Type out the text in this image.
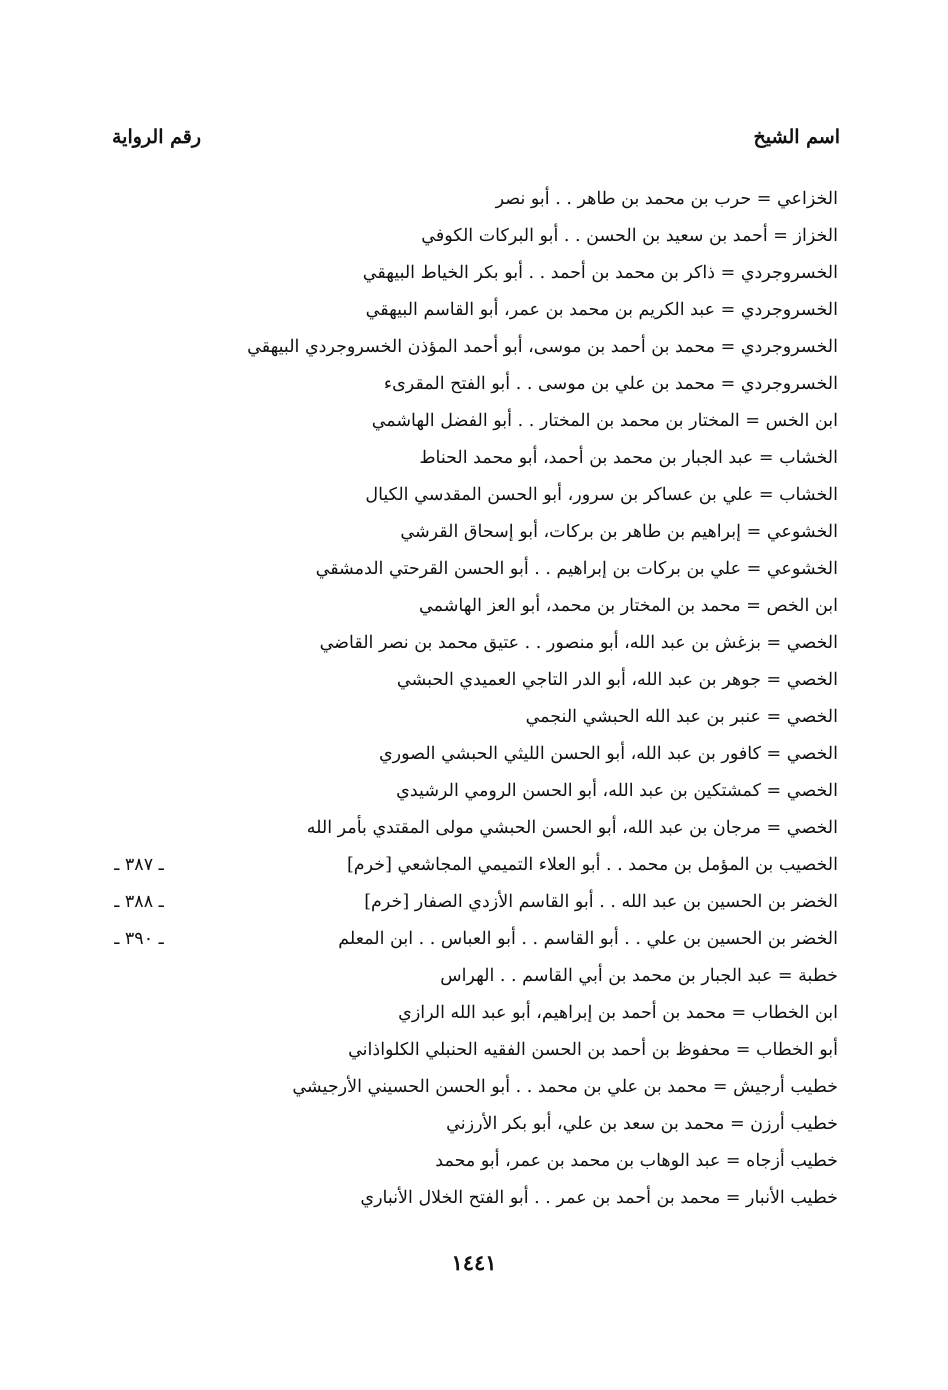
اسم الشيخ
رقم الرواية
الخزاعي = حرب بن محمد بن طاهر . . أبو نصر
الخزاز = أحمد بن سعيد بن الحسن . . أبو البركات الكوفي
الخسروجردي = ذاكر بن محمد بن أحمد . . أبو بكر الخياط البيهقي
الخسروجردي = عبد الكريم بن محمد بن عمر، أبو القاسم البيهقي
الخسروجردي = محمد بن أحمد بن موسى، أبو أحمد المؤذن الخسروجردي البيهقي
الخسروجردي = محمد بن علي بن موسى . . أبو الفتح المقرىء
ابن الخس = المختار بن محمد بن المختار . . أبو الفضل الهاشمي
الخشاب = عبد الجبار بن محمد بن أحمد، أبو محمد الحناط
الخشاب = علي بن عساكر بن سرور، أبو الحسن المقدسي الكيال
الخشوعي = إبراهيم بن طاهر بن بركات، أبو إسحاق القرشي
الخشوعي = علي بن بركات بن إبراهيم . . أبو الحسن القرحتي الدمشقي
ابن الخص = محمد بن المختار بن محمد، أبو العز الهاشمي
الخصي = بزغش بن عبد الله، أبو منصور . . عتيق محمد بن نصر القاضي
الخصي = جوهر بن عبد الله، أبو الدر التاجي العميدي الحبشي
الخصي = عنبر بن عبد الله الحبشي النجمي
الخصي = كافور بن عبد الله، أبو الحسن الليثي الحبشي الصوري
الخصي = كمشتكين بن عبد الله، أبو الحسن الرومي الرشيدي
الخصي = مرجان بن عبد الله، أبو الحسن الحبشي مولى المقتدي بأمر الله
الخصيب بن المؤمل بن محمد . . أبو العلاء التميمي المجاشعي [خرم]
ـ ٣٨٧ ـ
الخضر بن الحسين بن عبد الله . . أبو القاسم الأزدي الصفار [خرم]
ـ ٣٨٨ ـ
الخضر بن الحسين بن علي . . أبو القاسم . . أبو العباس . . ابن المعلم
ـ ٣٩٠ ـ
خطبة = عبد الجبار بن محمد بن أبي القاسم . . الهراس
ابن الخطاب = محمد بن أحمد بن إبراهيم، أبو عبد الله الرازي
أبو الخطاب = محفوظ بن أحمد بن الحسن الفقيه الحنبلي الكلواذاني
خطيب أرجيش = محمد بن علي بن محمد . . أبو الحسن الحسيني الأرجيشي
خطيب أرزن = محمد بن سعد بن علي، أبو بكر الأرزني
خطيب أزجاه = عبد الوهاب بن محمد بن عمر، أبو محمد
خطيب الأنبار = محمد بن أحمد بن عمر . . أبو الفتح الخلال الأنباري
١٤٤١
